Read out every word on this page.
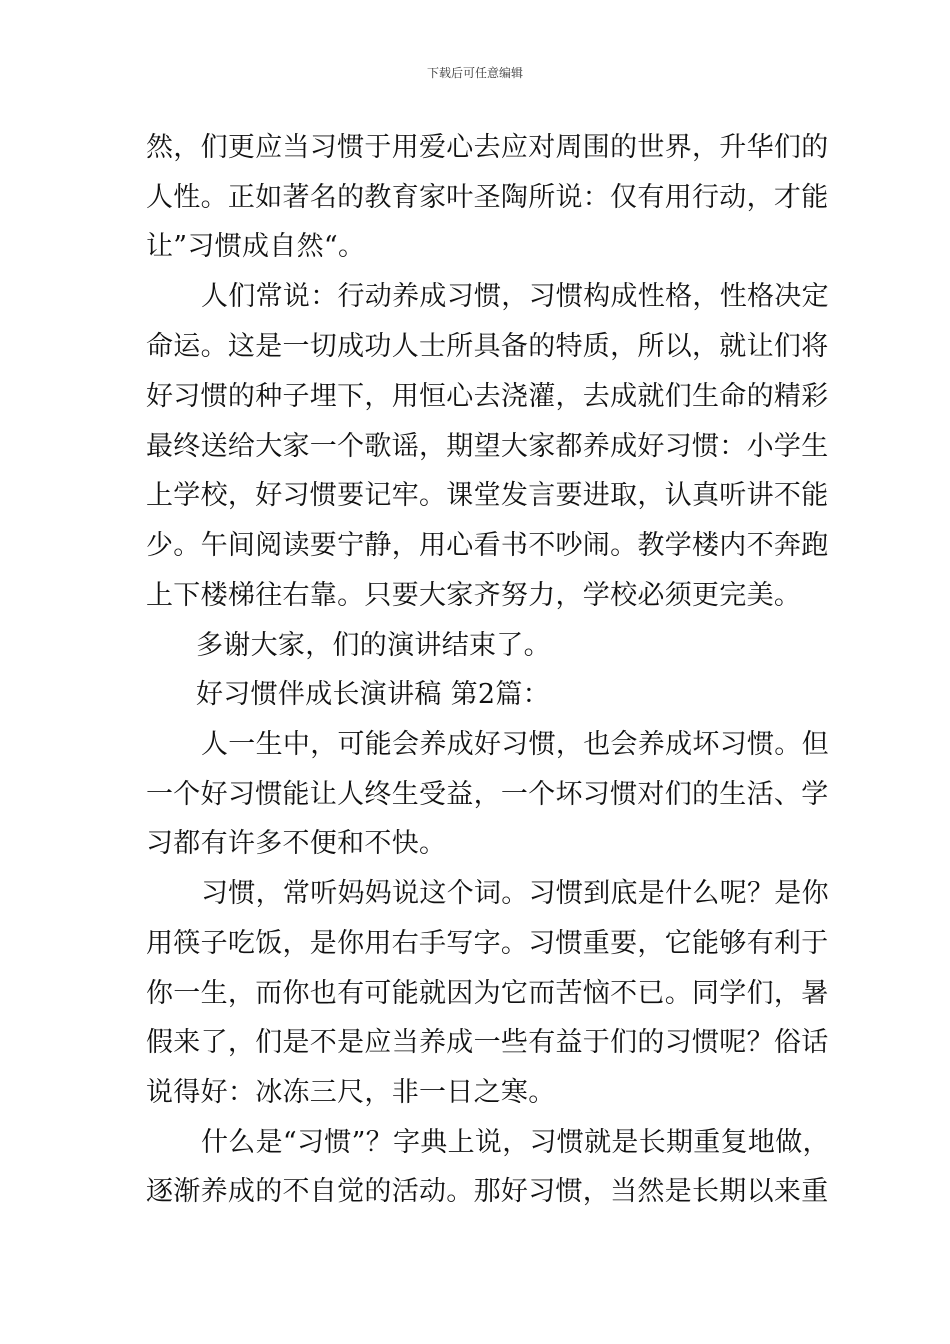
下载后可任意编辑
然，们更应当习惯于用爱心去应对周围的世界，升华们的
人性。正如著名的教育家叶圣陶所说：仅有用行动，才能
让”习惯成自然“。
人们常说：行动养成习惯，习惯构成性格，性格决定
命运。这是一切成功人士所具备的特质，所以，就让们将
好习惯的种子埋下，用恒心去浇灌，去成就们生命的精彩
最终送给大家一个歌谣，期望大家都养成好习惯：小学生
上学校，好习惯要记牢。课堂发言要进取，认真听讲不能
少。午间阅读要宁静，用心看书不吵闹。教学楼内不奔跑
上下楼梯往右靠。只要大家齐努力，学校必须更完美。
多谢大家，们的演讲结束了。
好习惯伴成长演讲稿 第2篇：
人一生中，可能会养成好习惯，也会养成坏习惯。但
一个好习惯能让人终生受益，一个坏习惯对们的生活、学
习都有许多不便和不快。
习惯，常听妈妈说这个词。习惯到底是什么呢？是你
用筷子吃饭，是你用右手写字。习惯重要，它能够有利于
你一生，而你也有可能就因为它而苦恼不已。同学们，暑
假来了，们是不是应当养成一些有益于们的习惯呢？俗话
说得好：冰冻三尺，非一日之寒。
什么是“习惯”？字典上说，习惯就是长期重复地做，
逐渐养成的不自觉的活动。那好习惯，当然是长期以来重
